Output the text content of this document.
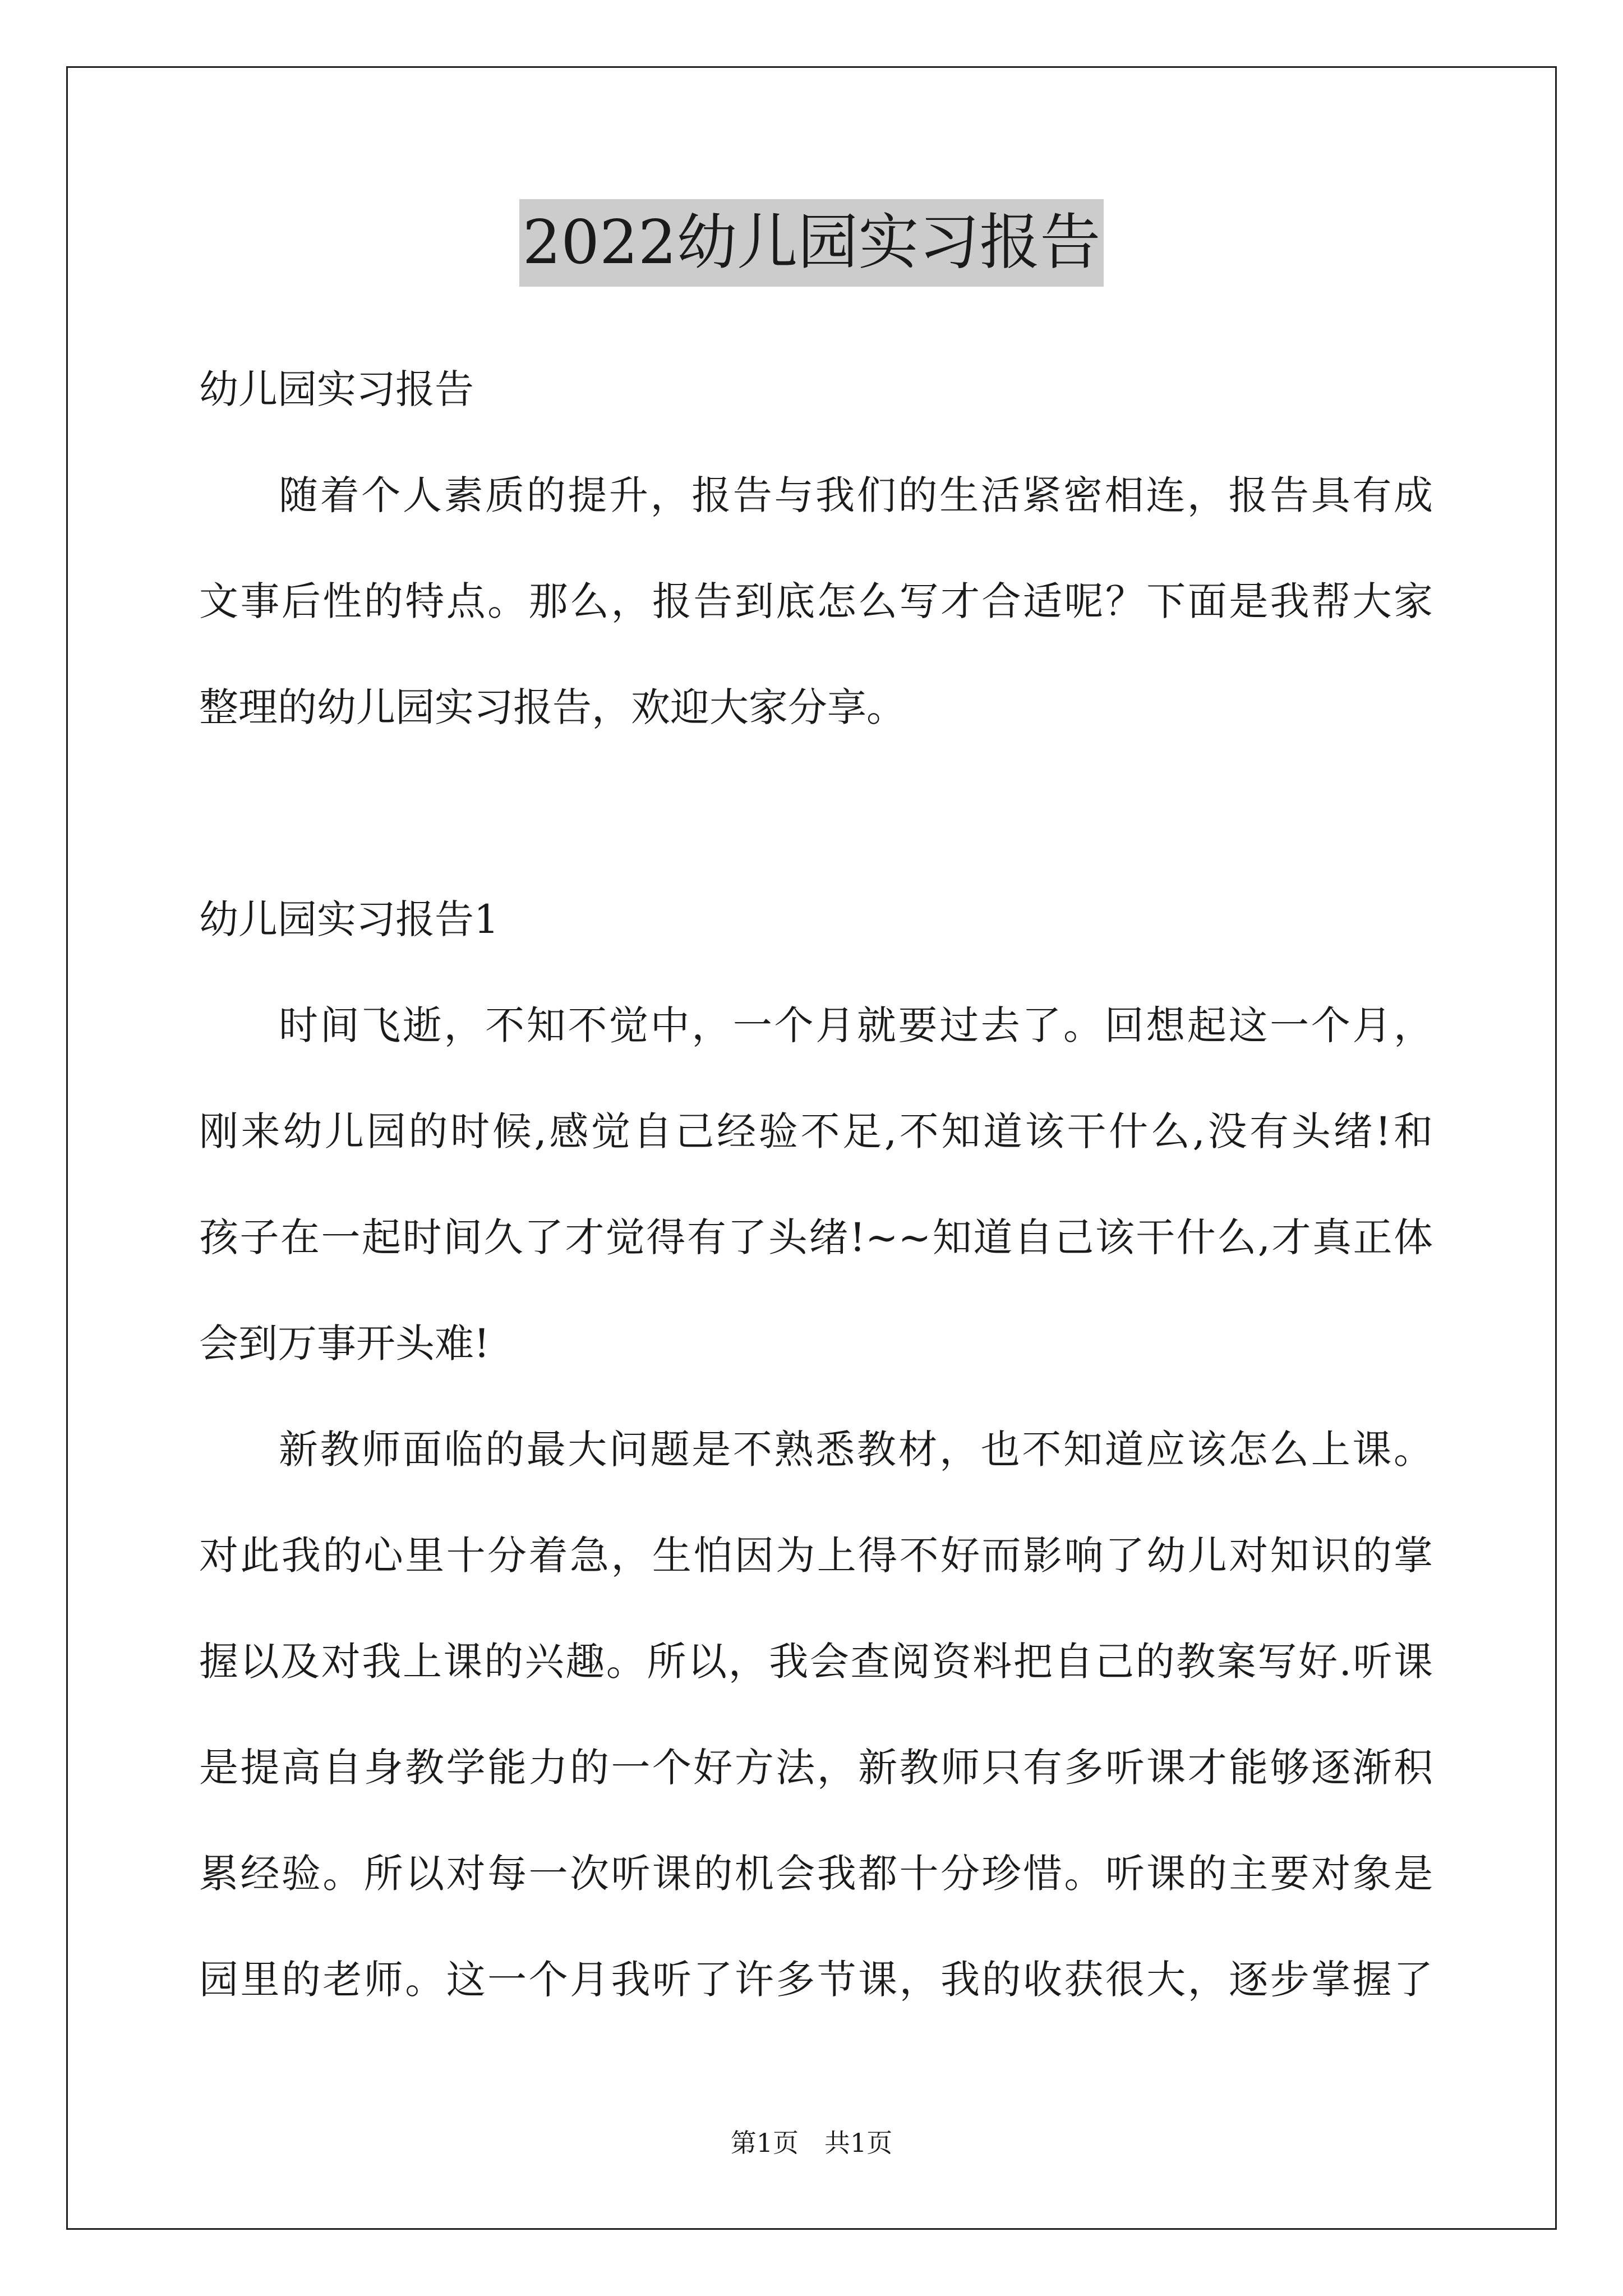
2022幼儿园实习报告
幼儿园实习报告
随着个人素质的提升，报告与我们的生活紧密相连，报告具有成
文事后性的特点。那么，报告到底怎么写才合适呢？下面是我帮大家
整理的幼儿园实习报告，欢迎大家分享。
幼儿园实习报告1
时间飞逝，不知不觉中，一个月就要过去了。回想起这一个月，
刚来幼儿园的时候,感觉自己经验不足,不知道该干什么,没有头绪!和
孩子在一起时间久了才觉得有了头绪!~~知道自己该干什么,才真正体
会到万事开头难!
新教师面临的最大问题是不熟悉教材，也不知道应该怎么上课。
对此我的心里十分着急，生怕因为上得不好而影响了幼儿对知识的掌
握以及对我上课的兴趣。所以，我会查阅资料把自己的教案写好.听课
是提高自身教学能力的一个好方法，新教师只有多听课才能够逐渐积
累经验。所以对每一次听课的机会我都十分珍惜。听课的主要对象是
园里的老师。这一个月我听了许多节课，我的收获很大，逐步掌握了
第1页　共1页
